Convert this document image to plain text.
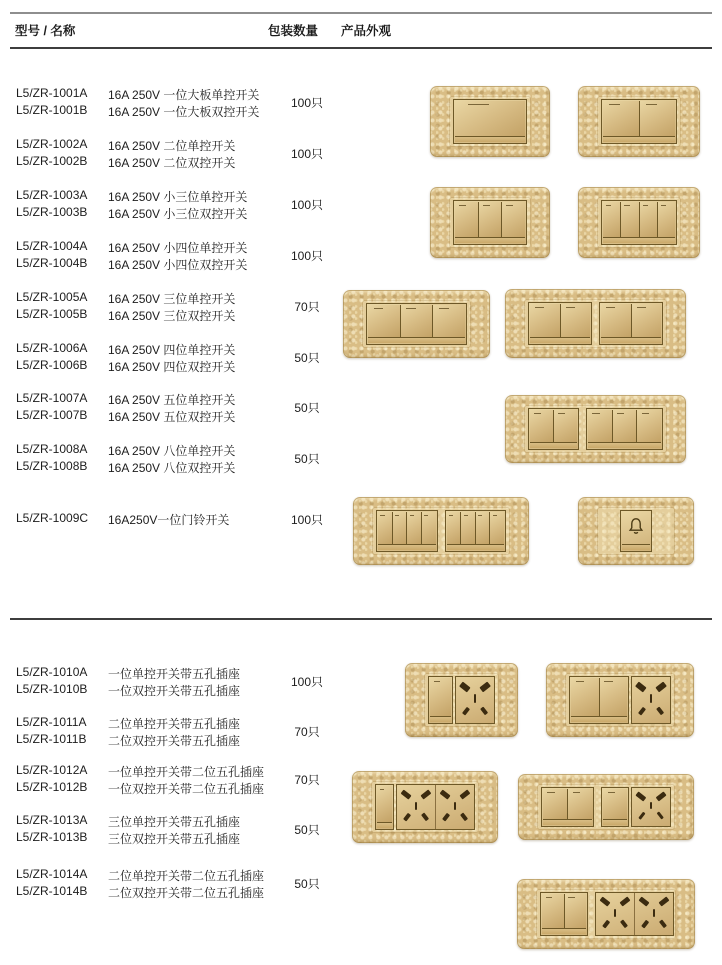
型号 / 名称	包装数量 产品外观
L5/ZR-1001A 16A 250V 一位大板单控开关
L5/ZR-1001B 16A 250V 一位大板双控开关
100只
L5/ZR-1002A 16A 250V 二位单控开关
L5/ZR-1002B 16A 250V 二位双控开关
100只
L5/ZR-1003A 16A 250V 小三位单控开关
L5/ZR-1003B 16A 250V 小三位双控开关
100只
L5/ZR-1004A 16A 250V 小四位单控开关
L5/ZR-1004B 16A 250V 小四位双控开关
100只
L5/ZR-1005A 16A 250V 三位单控开关
L5/ZR-1005B 16A 250V 三位双控开关
70只
L5/ZR-1006A 16A 250V 四位单控开关
L5/ZR-1006B 16A 250V 四位双控开关
50只
L5/ZR-1007A 16A 250V 五位单控开关
L5/ZR-1007B 16A 250V 五位双控开关
50只
L5/ZR-1008A 16A 250V 八位单控开关
L5/ZR-1008B 16A 250V 八位双控开关
50只
L5/ZR-1009C 16A250V一位门铃开关	100只
L5/ZR-1010A 一位单控开关带五孔插座
L5/ZR-1010B 一位双控开关带五孔插座
100只
L5/ZR-1011A 二位单控开关带五孔插座
L5/ZR-1011B 二位双控开关带五孔插座
70只
L5/ZR-1012A 一位单控开关带二位五孔插座
L5/ZR-1012B 一位双控开关带二位五孔插座
70只
L5/ZR-1013A 三位单控开关带五孔插座
L5/ZR-1013B 三位双控开关带五孔插座
50只
L5/ZR-1014A 二位单控开关带二位五孔插座
L5/ZR-1014B 二位双控开关带二位五孔插座
50只
